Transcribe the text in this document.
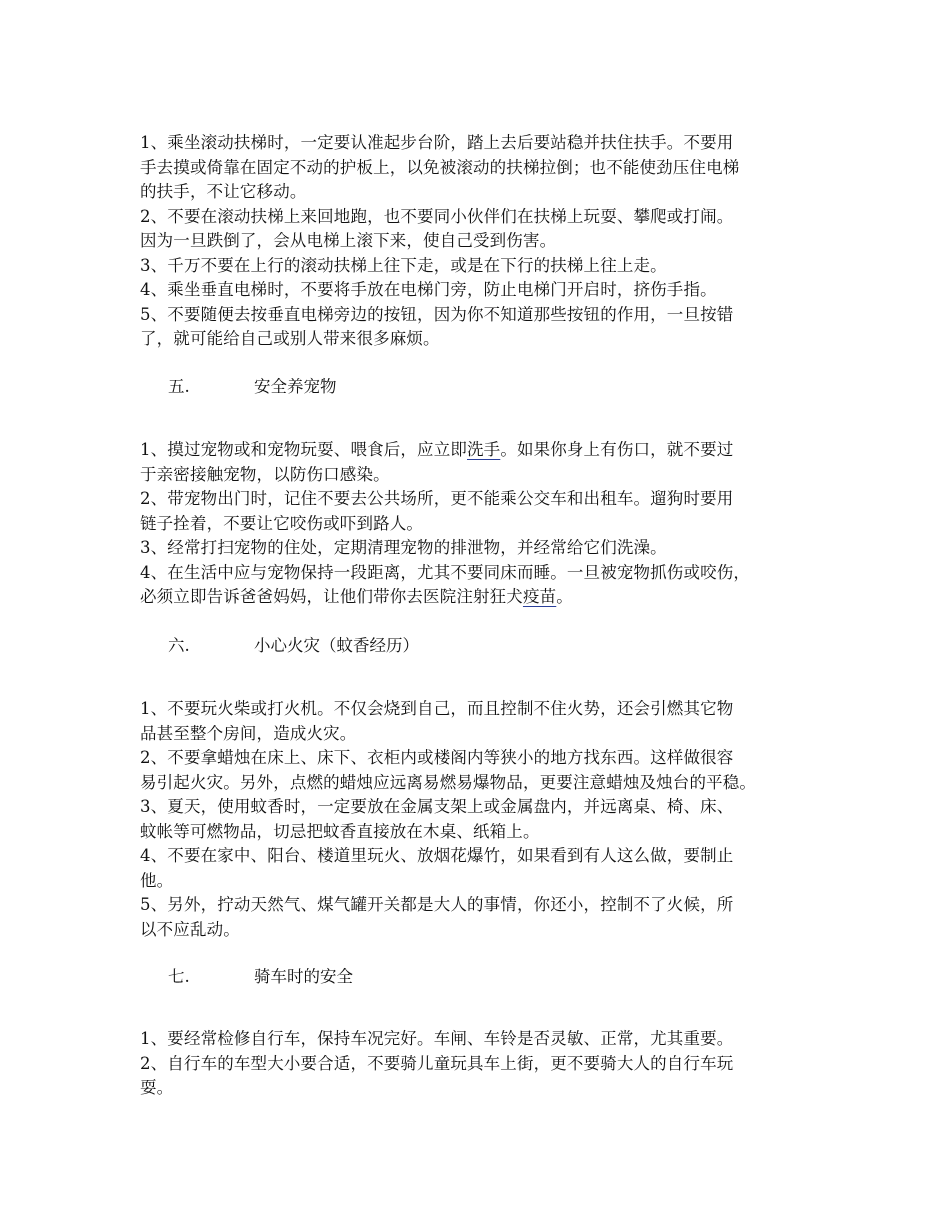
1、乘坐滚动扶梯时，一定要认准起步台阶，踏上去后要站稳并扶住扶手。不要用
手去摸或倚靠在固定不动的护板上，以免被滚动的扶梯拉倒；也不能使劲压住电梯
的扶手，不让它移动。
2、不要在滚动扶梯上来回地跑，也不要同小伙伴们在扶梯上玩耍、攀爬或打闹。
因为一旦跌倒了，会从电梯上滚下来，使自己受到伤害。
3、千万不要在上行的滚动扶梯上往下走，或是在下行的扶梯上往上走。
4、乘坐垂直电梯时，不要将手放在电梯门旁，防止电梯门开启时，挤伤手指。
5、不要随便去按垂直电梯旁边的按钮，因为你不知道那些按钮的作用，一旦按错
了，就可能给自己或别人带来很多麻烦。
五.	安全养宠物
1、摸过宠物或和宠物玩耍、喂食后，应立即洗手。如果你身上有伤口，就不要过
于亲密接触宠物，以防伤口感染。
2、带宠物出门时，记住不要去公共场所，更不能乘公交车和出租车。遛狗时要用
链子拴着，不要让它咬伤或吓到路人。
3、经常打扫宠物的住处，定期清理宠物的排泄物，并经常给它们洗澡。
4、在生活中应与宠物保持一段距离，尤其不要同床而睡。一旦被宠物抓伤或咬伤，
必须立即告诉爸爸妈妈，让他们带你去医院注射狂犬疫苗。
六.	小心火灾（蚊香经历）
1、不要玩火柴或打火机。不仅会烧到自己，而且控制不住火势，还会引燃其它物
品甚至整个房间，造成火灾。
2、不要拿蜡烛在床上、床下、衣柜内或楼阁内等狭小的地方找东西。这样做很容
易引起火灾。另外，点燃的蜡烛应远离易燃易爆物品，更要注意蜡烛及烛台的平稳。
3、夏天，使用蚊香时，一定要放在金属支架上或金属盘内，并远离桌、椅、床、
蚊帐等可燃物品，切忌把蚊香直接放在木桌、纸箱上。
4、不要在家中、阳台、楼道里玩火、放烟花爆竹，如果看到有人这么做，要制止
他。
5、另外，拧动天然气、煤气罐开关都是大人的事情，你还小，控制不了火候，所
以不应乱动。
七.	骑车时的安全
1、要经常检修自行车，保持车况完好。车闸、车铃是否灵敏、正常，尤其重要。
2、自行车的车型大小要合适，不要骑儿童玩具车上街，更不要骑大人的自行车玩
耍。
